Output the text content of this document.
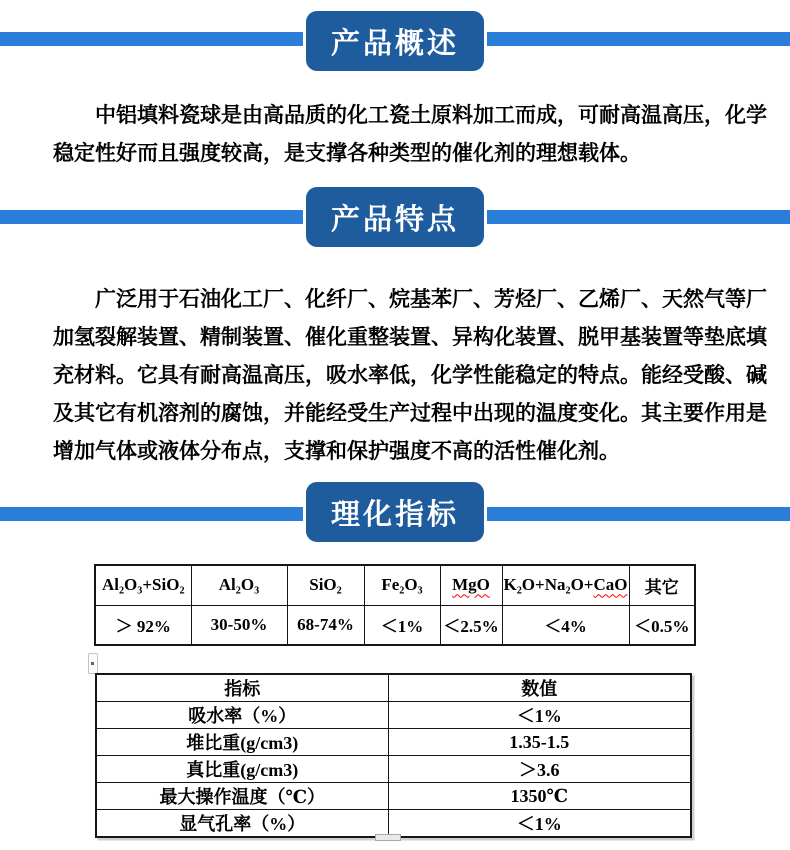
产品概述
中铝填料瓷球是由高品质的化工瓷土原料加工而成，可耐高温高压，化学
稳定性好而且强度较高，是支撑各种类型的催化剂的理想载体。
产品特点
广泛用于石油化工厂、化纤厂、烷基苯厂、芳烃厂、乙烯厂、天然气等厂
加氢裂解装置、精制装置、催化重整装置、异构化装置、脱甲基装置等垫底填
充材料。它具有耐高温高压，吸水率低，化学性能稳定的特点。能经受酸、碱
及其它有机溶剂的腐蚀，并能经受生产过程中出现的温度变化。其主要作用是
增加气体或液体分布点，支撑和保护强度不高的活性催化剂。
理化指标
Al₂O₃+SiO₂	Al₂O₃	SiO₂	Fe₂O₃	MgO	K₂O+Na₂O+CaO	其它
＞ 92%	30-50%	68-74%	＜1%	＜2.5%	＜4%	＜0.5%
指标	数值
吸水率（%）	＜1%
堆比重(g/cm3)	1.35-1.5
真比重(g/cm3)	＞3.6
最大操作温度（℃）	1350℃
显气孔率（%）	＜1%
